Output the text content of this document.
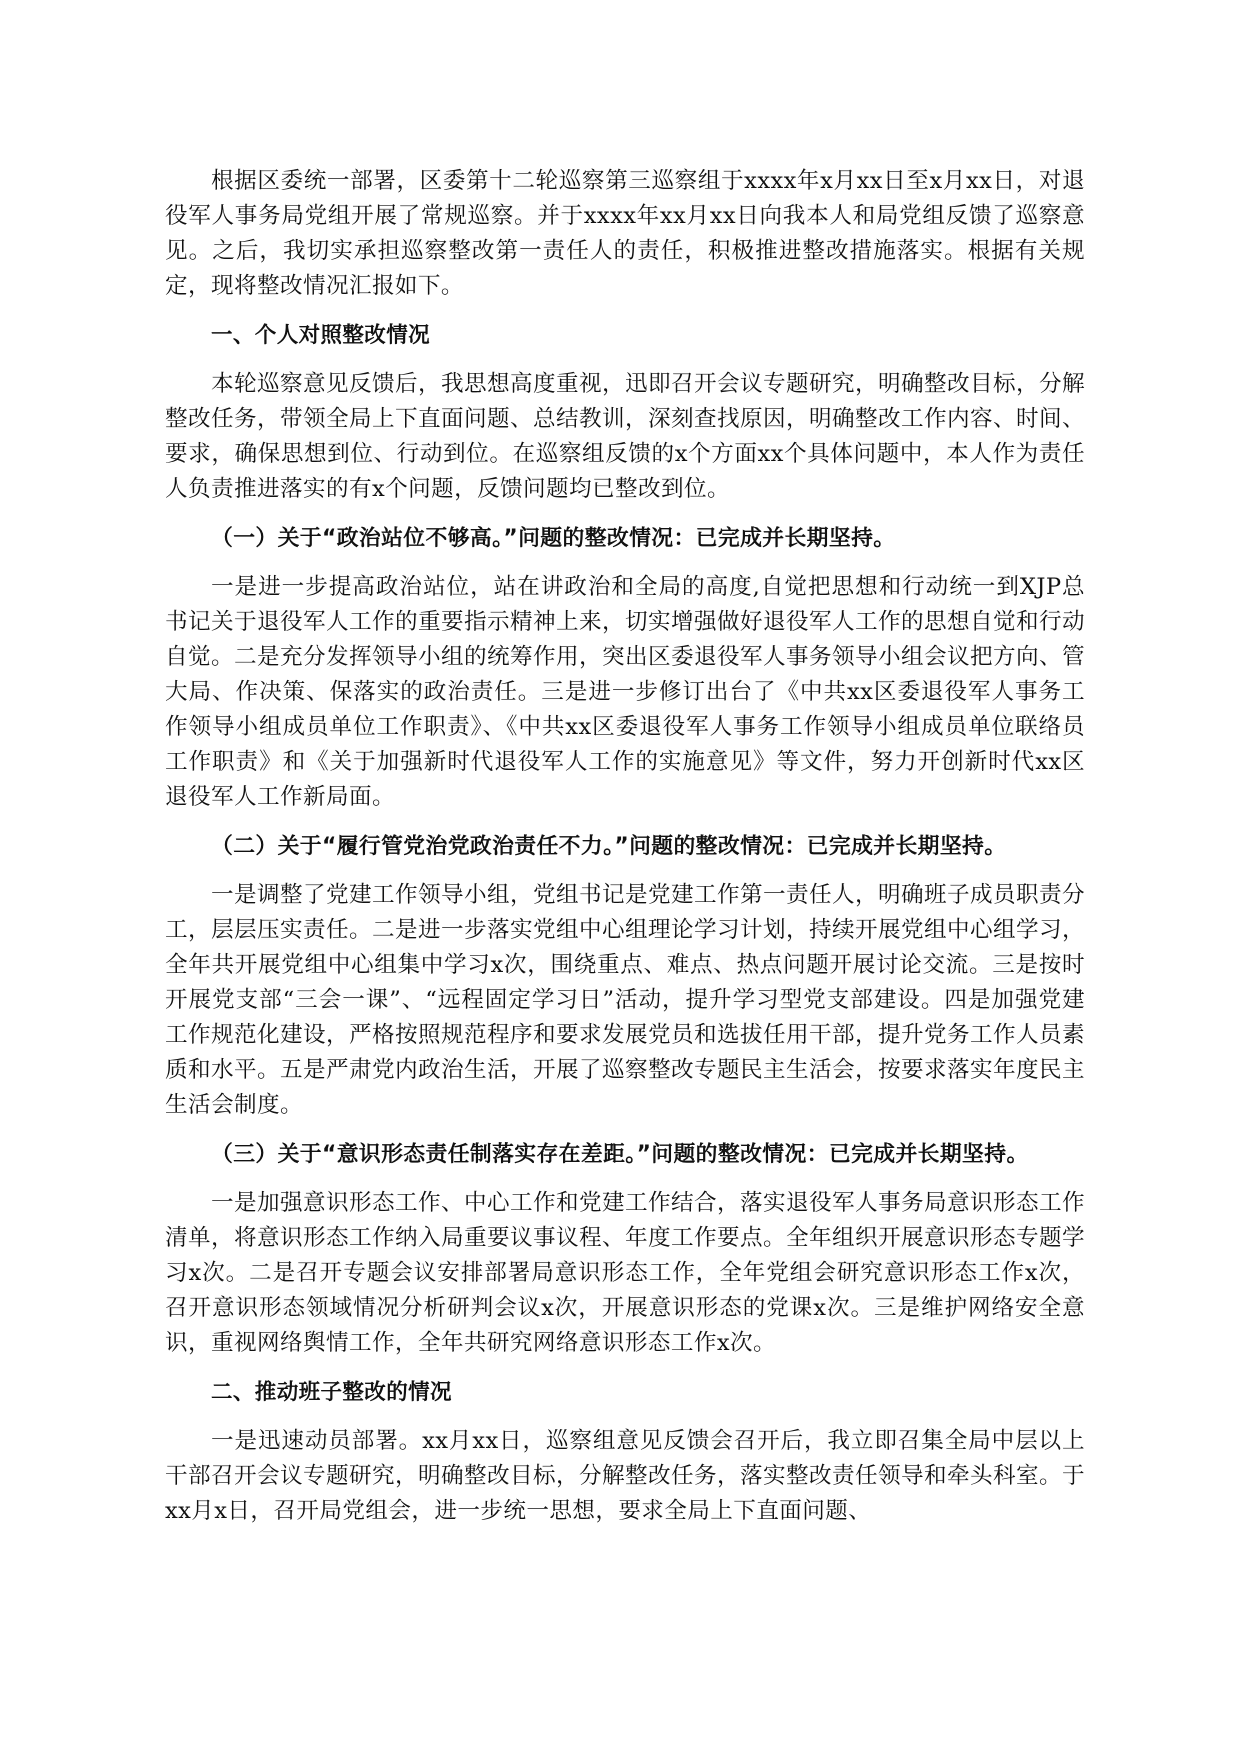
根据区委统一部署，区委第十二轮巡察第三巡察组于xxxx年x月xx日至x月xx日，对退役军人事务局党组开展了常规巡察。并于xxxx年xx月xx日向我本人和局党组反馈了巡察意见。之后，我切实承担巡察整改第一责任人的责任，积极推进整改措施落实。根据有关规定，现将整改情况汇报如下。

一、个人对照整改情况

本轮巡察意见反馈后，我思想高度重视，迅即召开会议专题研究，明确整改目标，分解整改任务，带领全局上下直面问题、总结教训，深刻查找原因，明确整改工作内容、时间、要求，确保思想到位、行动到位。在巡察组反馈的x个方面xx个具体问题中，本人作为责任人负责推进落实的有x个问题，反馈问题均已整改到位。

（一）关于“政治站位不够高。”问题的整改情况：已完成并长期坚持。

一是进一步提高政治站位，站在讲政治和全局的高度,自觉把思想和行动统一到XJP总书记关于退役军人工作的重要指示精神上来，切实增强做好退役军人工作的思想自觉和行动自觉。二是充分发挥领导小组的统筹作用，突出区委退役军人事务领导小组会议把方向、管大局、作决策、保落实的政治责任。三是进一步修订出台了《中共xx区委退役军人事务工作领导小组成员单位工作职责》、《中共xx区委退役军人事务工作领导小组成员单位联络员工作职责》和《关于加强新时代退役军人工作的实施意见》等文件，努力开创新时代xx区退役军人工作新局面。

（二）关于“履行管党治党政治责任不力。”问题的整改情况：已完成并长期坚持。

一是调整了党建工作领导小组，党组书记是党建工作第一责任人，明确班子成员职责分工，层层压实责任。二是进一步落实党组中心组理论学习计划，持续开展党组中心组学习，全年共开展党组中心组集中学习x次，围绕重点、难点、热点问题开展讨论交流。三是按时开展党支部“三会一课”、“远程固定学习日”活动，提升学习型党支部建设。四是加强党建工作规范化建设，严格按照规范程序和要求发展党员和选拔任用干部，提升党务工作人员素质和水平。五是严肃党内政治生活，开展了巡察整改专题民主生活会，按要求落实年度民主生活会制度。

（三）关于“意识形态责任制落实存在差距。”问题的整改情况：已完成并长期坚持。

一是加强意识形态工作、中心工作和党建工作结合，落实退役军人事务局意识形态工作清单，将意识形态工作纳入局重要议事议程、年度工作要点。全年组织开展意识形态专题学习x次。二是召开专题会议安排部署局意识形态工作，全年党组会研究意识形态工作x次，召开意识形态领域情况分析研判会议x次，开展意识形态的党课x次。三是维护网络安全意识，重视网络舆情工作，全年共研究网络意识形态工作x次。

二、推动班子整改的情况

一是迅速动员部署。xx月xx日，巡察组意见反馈会召开后，我立即召集全局中层以上干部召开会议专题研究，明确整改目标，分解整改任务，落实整改责任领导和牵头科室。于xx月x日，召开局党组会，进一步统一思想，要求全局上下直面问题、
